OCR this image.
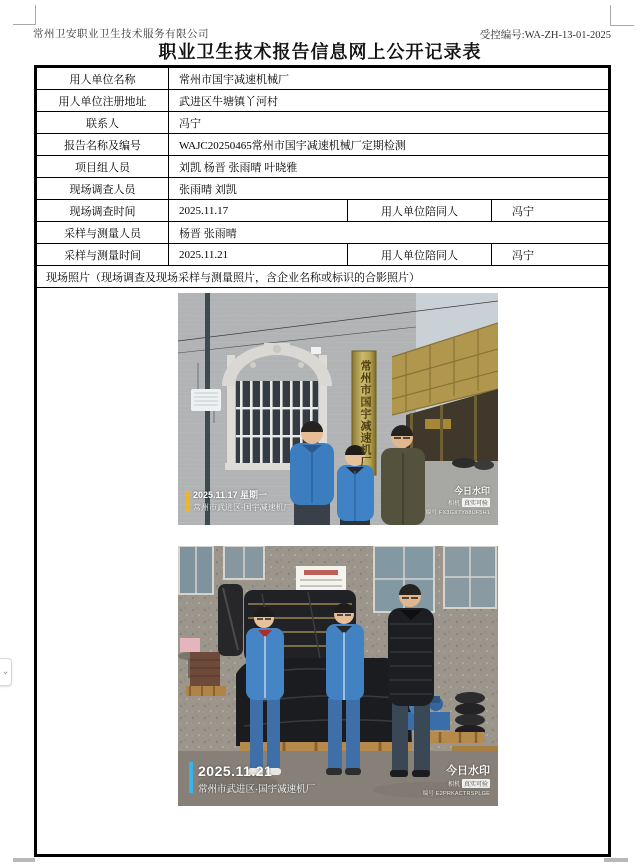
常州卫安职业卫生技术服务有限公司	受控编号:WA-ZH-13-01-2025
职业卫生技术报告信息网上公开记录表
⌄
用人单位名称	常州市国宇减速机械厂		
用人单位注册地址	武进区牛塘镇丫河村		
联系人	冯宁		
报告名称及编号	WAJC20250465常州市国宇减速机械厂定期检测		
项目组人员	刘凯 杨晋 张雨晴 叶晓雅		
现场调查人员	张雨晴 刘凯		
现场调查时间	2025.11.17	用人单位陪同人	冯宁
采样与测量人员	杨晋 张雨晴		
采样与测量时间	2025.11.21	用人单位陪同人	冯宁
现场照片（现场调查及现场采样与测量照片，含企业名称或标识的合影照片）			

常州市国宇减速机厂
2025.11.17 星期一
常州市武进区·国宇减速机厂
今日水印
相机 真实可验
编号 FX3GX7Y88UF5H1
2025.11.21
常州市武进区·国宇减速机厂
今日水印
相机 真实可验
编号 E2PRKACTRSPLGE
